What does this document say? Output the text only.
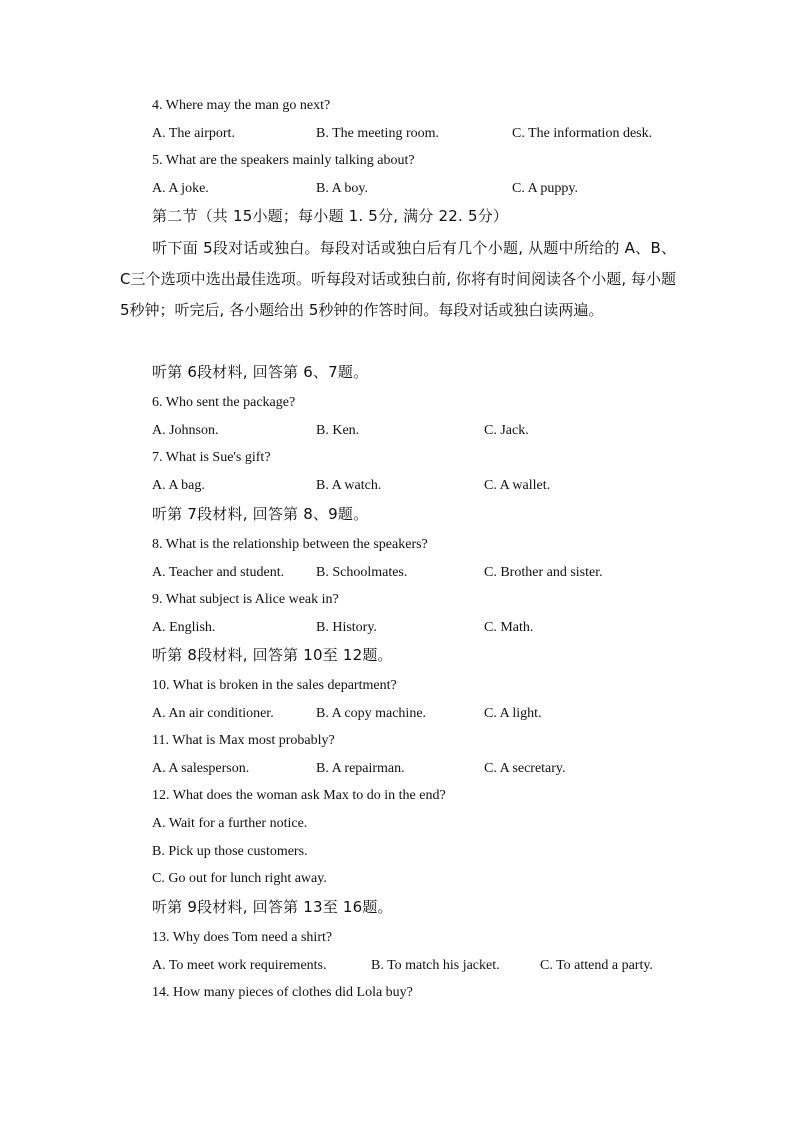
4. Where may the man go next?
A. The airport.	B. The meeting room.	C. The information desk.
5. What are the speakers mainly talking about?
A. A joke.	B. A boy.	C. A puppy.
第二节（共 15小题；每小题 1. 5分, 满分 22. 5分）
听下面 5段对话或独白。每段对话或独白后有几个小题, 从题中所给的 A、B、C三个选项中选出最佳选项。听每段对话或独白前, 你将有时间阅读各个小题, 每小题 5秒钟；听完后, 各小题给出 5秒钟的作答时间。每段对话或独白读两遍。
听第 6段材料, 回答第 6、7题。
6. Who sent the package?
A. Johnson.	B. Ken.	C. Jack.
7. What is Sue's gift?
A. A bag.	B. A watch.	C. A wallet.
听第 7段材料, 回答第 8、9题。
8. What is the relationship between the speakers?
A. Teacher and student. B. Schoolmates.	C. Brother and sister.
9. What subject is Alice weak in?
A. English.	B. History.	C. Math.
听第 8段材料, 回答第 10至 12题。
10. What is broken in the sales department?
A. An air conditioner.	B. A copy machine.	C. A light.
11. What is Max most probably?
A. A salesperson.	B. A repairman.	C. A secretary.
12. What does the woman ask Max to do in the end?
A. Wait for a further notice.
B. Pick up those customers.
C. Go out for lunch right away.
听第 9段材料, 回答第 13至 16题。
13. Why does Tom need a shirt?
A. To meet work requirements.	B. To match his jacket.	C. To attend a party.
14. How many pieces of clothes did Lola buy?
